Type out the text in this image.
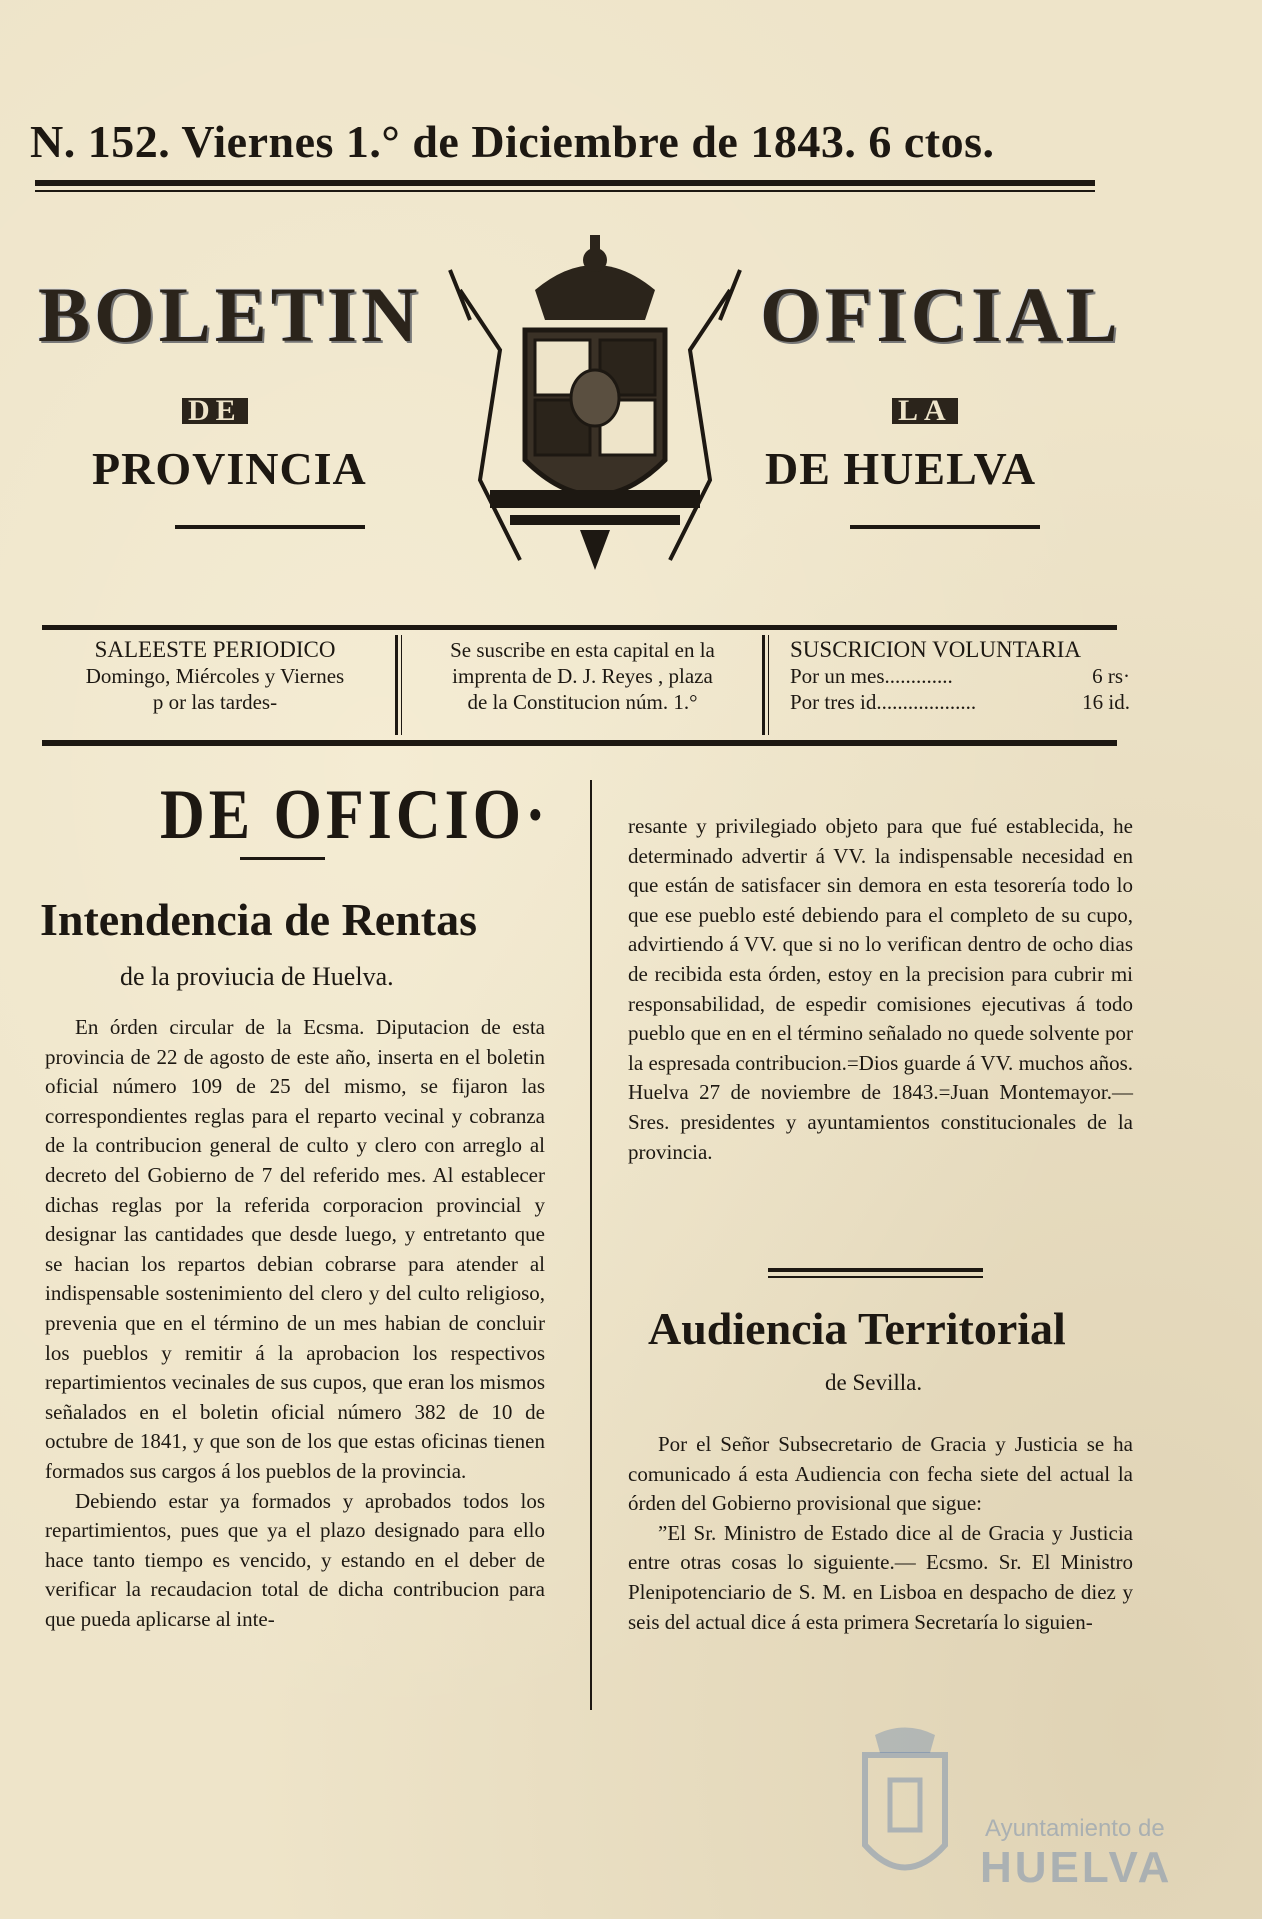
N. 152. Viernes 1.° de Diciembre de 1843. 6 ctos.
BOLETIN	OFICIAL
DE	LA
PROVINCIA	DE HUELVA
SALEESTE PERIODICO
Domingo, Miércoles y Viernes
p or las tardes-
Se suscribe en esta capital en la
imprenta de D. J. Reyes , plaza
de la Constitucion núm. 1.°
SUSCRICION VOLUNTARIA
Por un mes.............	6 rs·
Por tres id...................	16 id.
DE OFICIO·
Intendencia de Rentas
de la proviucia de Huelva.

En órden circular de la Ecsma. Diputacion de esta provincia de 22 de agosto de este año, inserta en el boletin oficial número 109 de 25 del mismo, se fijaron las correspondientes reglas para el reparto vecinal y cobranza de la contribucion general de culto y clero con arreglo al decreto del Gobierno de 7 del referido mes. Al establecer dichas reglas por la referida corporacion provincial y designar las cantidades que desde luego, y entretanto que se hacian los repartos debian cobrarse para atender al indispensable sostenimiento del clero y del culto religioso, prevenia que en el término de un mes habian de concluir los pueblos y remitir á la aprobacion los respectivos repartimientos vecinales de sus cupos, que eran los mismos señalados en el boletin oficial número 382 de 10 de octubre de 1841, y que son de los que estas oficinas tienen formados sus cargos á los pueblos de la provincia.

Debiendo estar ya formados y aprobados todos los repartimientos, pues que ya el plazo designado para ello hace tanto tiempo es vencido, y estando en el deber de verificar la recaudacion total de dicha contribucion para que pueda aplicarse al inte-

resante y privilegiado objeto para que fué establecida, he determinado advertir á VV. la indispensable necesidad en que están de satisfacer sin demora en esta tesorería todo lo que ese pueblo esté debiendo para el completo de su cupo, advirtiendo á VV. que si no lo verifican dentro de ocho dias de recibida esta órden, estoy en la precision para cubrir mi responsabilidad, de espedir comisiones ejecutivas á todo pueblo que en en el término señalado no quede solvente por la espresada contribucion.=Dios guarde á VV. muchos años. Huelva 27 de noviembre de 1843.=Juan Montemayor.—Sres. presidentes y ayuntamientos constitucionales de la provincia.

Audiencia Territorial
de Sevilla.

Por el Señor Subsecretario de Gracia y Justicia se ha comunicado á esta Audiencia con fecha siete del actual la órden del Gobierno provisional que sigue:

”El Sr. Ministro de Estado dice al de Gracia y Justicia entre otras cosas lo siguiente.— Ecsmo. Sr. El Ministro Plenipotenciario de S. M. en Lisboa en despacho de diez y seis del actual dice á esta primera Secretaría lo siguien-

Ayuntamiento de
HUELVA
